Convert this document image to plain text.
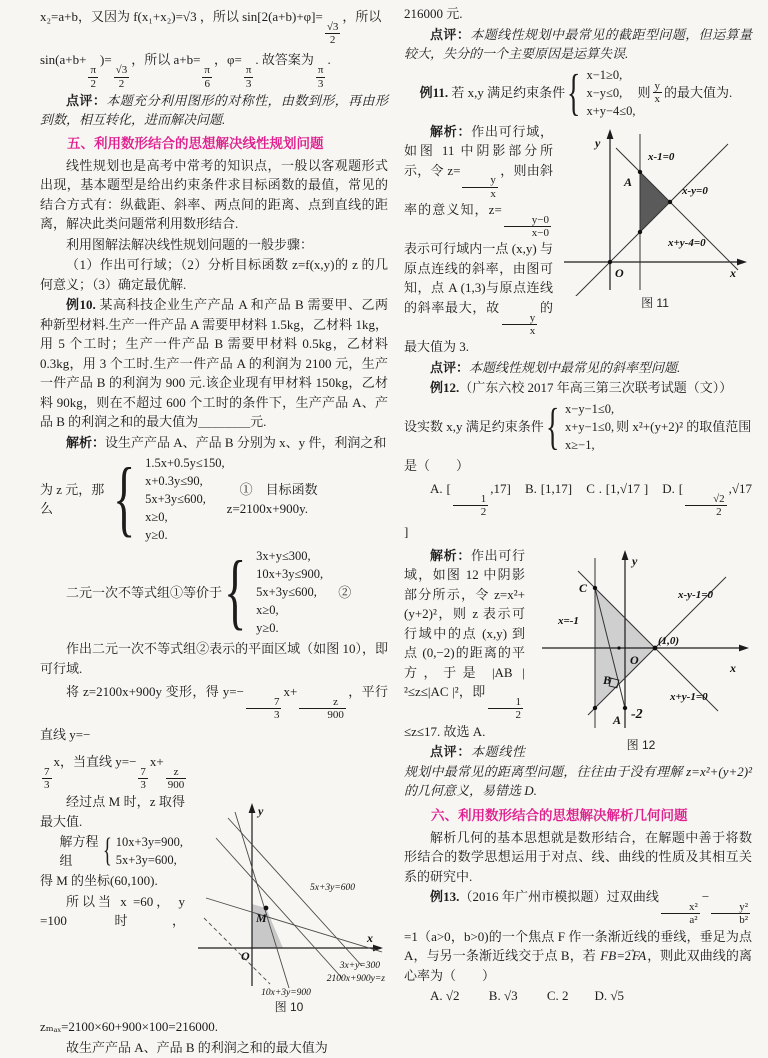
x₂=a+b，又因为 f(x₁+x₂)=√3 ，所以 sin[2(a+b)+φ]=
$\frac{√3}{2}$
，所以

sin(a+b+
$\frac{\pi}{2}$
)=
$\frac{√3}{2}$
，所以 a+b=
$\frac{\pi}{6}$
，φ=
$\frac{\pi}{3}$
. 故答案为
$\frac{\pi}{3}$
.

点评：本题充分利用图形的对称性，由数到形，再由形到数，相互转化，进而解决问题.

五、利用数形结合的思想解决线性规划问题

线性规划也是高考中常考的知识点，一般以客观题形式出现，基本题型是给出约束条件求目标函数的最值，常见的结合方式有：纵截距、斜率、两点间的距离、点到直线的距离，解决此类问题常利用数形结合.

利用图解法解决线性规划问题的一般步骤：

（1）作出可行域；（2）分析目标函数 z=f(x,y)的 z 的几何意义；（3）确定最优解.

例10. 某高科技企业生产产品 A 和产品 B 需要甲、乙两种新型材料.生产一件产品 A 需要甲材料 1.5kg，乙材料 1kg，用 5 个工时；生产一件产品 B 需要甲材料 0.5kg，乙材料 0.3kg，用 3 个工时.生产一件产品 A 的利润为 2100 元，生产一件产品 B 的利润为 900 元.该企业现有甲材料 150kg，乙材料 90kg，则在不超过 600 个工时的条件下，生产产品 A、产品 B 的利润之和的最大值为＿＿＿＿元.

解析：设生产产品 A、产品 B 分别为 x、y 件，利润之和

为 z 元，那么 { 1.5x+0.5y≤150,
x+0.3y≤90,
5x+3y≤600,
x≥0,
y≥0.
　①　目标函数 z=2100x+900y.
　　二元一次不等式组①等价于 { 3x+y≤300,
10x+3y≤900,
5x+3y≤600,
x≥0,
y≥0.
　②

作出二元一次不等式组②表示的平面区域（如图 10），即可行域.

将 z=2100x+900y 变形，得 y=−
$\frac{7}{3}$
x+
$\frac{z}{900}$
，平行直线 y=−

$\frac{7}{3}$
x，当直线 y=−
$\frac{7}{3}$
x+
$\frac{z}{900}$

M
O
y
x
5x+3y=600
3x+y=300
2100x+900y=z
10x+3y=900
图 10

经过点 M 时，z 取得最大值.

解方程组 { 10x+3y=900,
5x+3y=600,

得 M 的坐标(60,100).

所以当 x =60， y =100 时，zₘₐₓ=2100×60+900×100=216000.

故生产产品 A、产品 B 的利润之和的最大值为

216000 元.

点评：本题线性规划中最常见的截距型问题，但运算量较大，失分的一个主要原因是运算失误.

例11. 若 x,y 满足约束条件 { x−1≥0,
x−y≤0,
x+y−4≤0,
则 $\frac{y}{x}$ 的最大值为.
A
O
y
x
x-1=0
x-y=0
x+y-4=0
图 11

解析：作出可行域，如图 11 中阴影部分所示，令 z=
$\frac{y}{x}$
，则由斜率的意义知，z=
$\frac{y-0}{x-0}$
表示可行域内一点 (x,y) 与原点连线的斜率，由图可知，点 A (1,3)与原点连线的斜率最大，故
$\frac{y}{x}$
的最大值为 3.

点评：本题线性规划中最常见的斜率型问题.

例12.（广东六校 2017 年高三第三次联考试题（文））

设实数 x,y 满足约束条件 { x−y−1≤0,
x+y−1≤0,
x≥−1,
则 x²+(y+2)² 的取值范围

是（　　）

A. [
$\frac{1}{2}$
,17]　B. [1,17]　C . [1,√17 ]　D. [
$\frac{√2}{2}$
,√17 ]

C
O
B
A
y
x
x=-1
x-y-1=0
x+y-1=0
(1,0)
-2
图 12

解析：作出可行域，如图 12 中阴影部分所示，令 z=x²+(y+2)²，则 z 表示可行域中的点 (x,y) 到点 (0,−2)的距离的平方，于是 |AB |²≤z≤|AC |²，即
$\frac{1}{2}$
≤z≤17. 故选 A.

点评：本题线性规划中最常见的距离型问题，往往由于没有理解 z=x²+(y+2)² 的几何意义，易错选 D.

六、利用数形结合的思想解决解析几何问题

解析几何的基本思想就是数形结合，在解题中善于将数形结合的数学思想运用于对点、线、曲线的性质及其相互关系的研究中.

例13.（2016 年广州市模拟题）过双曲线
$\frac{\text{x²}}{\text{a²}}$
−
$\frac{\text{y²}}{\text{b²}}$
=1（a>0，b>0)的一个焦点 F 作一条渐近线的垂线，垂足为点 A，与另一条渐近线交于点 B，若 FB →=2FA →，则此双曲线的离心率为（　　）

A. √2 　　B. √3 　　C. 2　　D. √5
